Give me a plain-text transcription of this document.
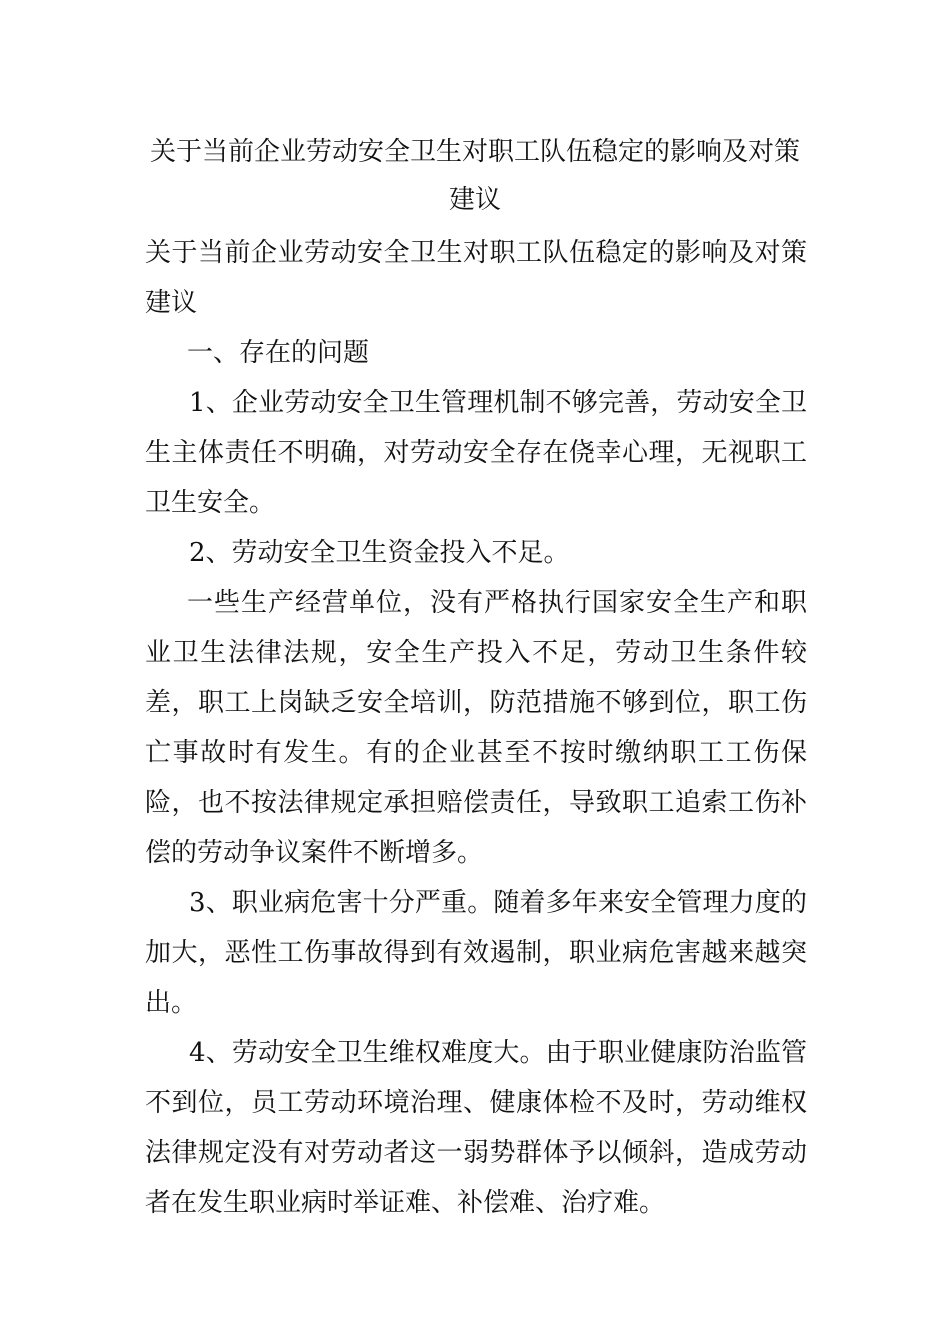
关于当前企业劳动安全卫生对职工队伍稳定的影响及对策建议

关于当前企业劳动安全卫生对职工队伍稳定的影响及对策建议

一、存在的问题

1、企业劳动安全卫生管理机制不够完善，劳动安全卫生主体责任不明确，对劳动安全存在侥幸心理，无视职工卫生安全。

2、劳动安全卫生资金投入不足。

一些生产经营单位，没有严格执行国家安全生产和职业卫生法律法规，安全生产投入不足，劳动卫生条件较差，职工上岗缺乏安全培训，防范措施不够到位，职工伤亡事故时有发生。有的企业甚至不按时缴纳职工工伤保险，也不按法律规定承担赔偿责任，导致职工追索工伤补偿的劳动争议案件不断增多。

3、职业病危害十分严重。随着多年来安全管理力度的加大，恶性工伤事故得到有效遏制，职业病危害越来越突出。

4、劳动安全卫生维权难度大。由于职业健康防治监管不到位，员工劳动环境治理、健康体检不及时，劳动维权法律规定没有对劳动者这一弱势群体予以倾斜，造成劳动者在发生职业病时举证难、补偿难、治疗难。
